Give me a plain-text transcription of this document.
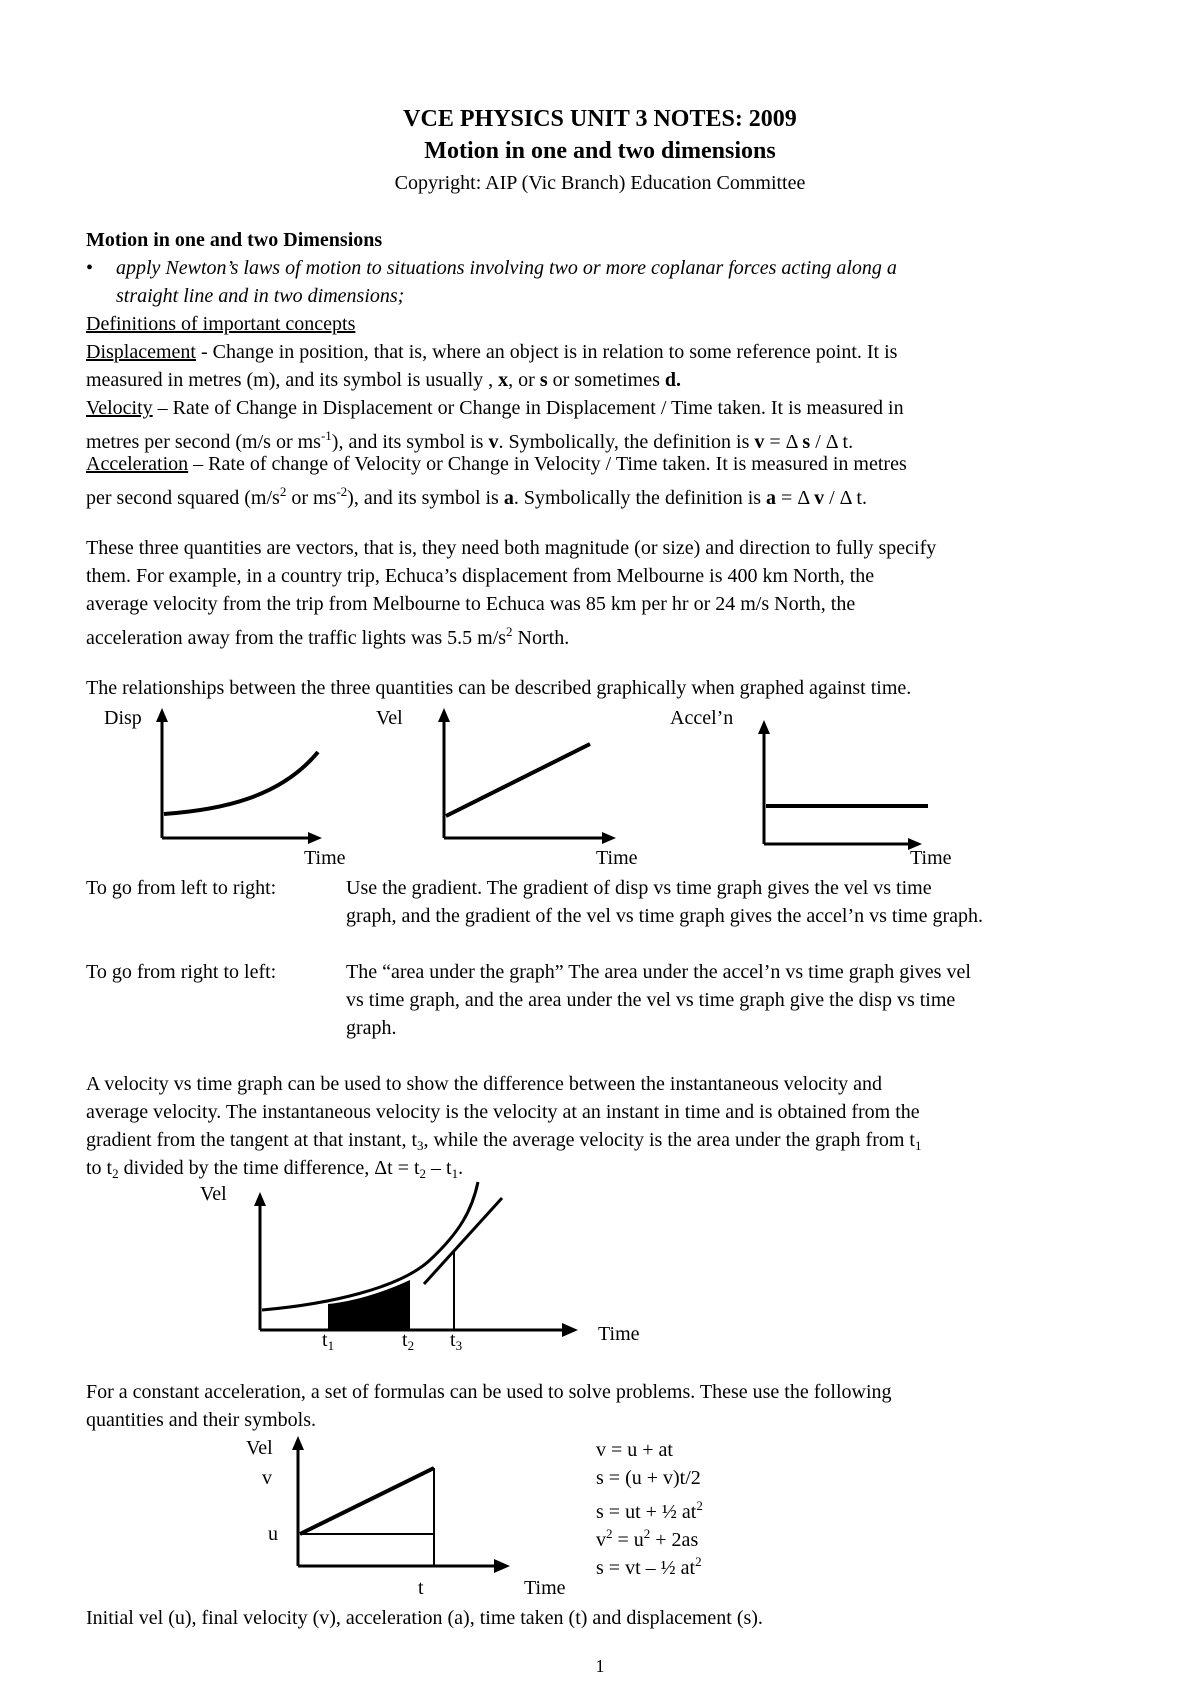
VCE PHYSICS UNIT 3 NOTES: 2009
Motion in one and two dimensions
Copyright: AIP (Vic Branch) Education Committee
Motion in one and two Dimensions
• apply Newton’s laws of motion to situations involving two or more coplanar forces acting along a
straight line and in two dimensions;
Definitions of important concepts
Displacement - Change in position, that is, where an object is in relation to some reference point. It is
measured in metres (m), and its symbol is usually , x, or s or sometimes d.
Velocity – Rate of Change in Displacement or Change in Displacement / Time taken. It is measured in
metres per second (m/s or $ms^{-1}$), and its symbol is v. Symbolically, the definition is v = Δ s / Δ t.
Acceleration – Rate of change of Velocity or Change in Velocity / Time taken. It is measured in metres
per second squared ($m/s^2$ or $ms^{-2}$), and its symbol is a. Symbolically the definition is a = Δ v / Δ t.
These three quantities are vectors, that is, they need both magnitude (or size) and direction to fully specify
them. For example, in a country trip, Echuca’s displacement from Melbourne is 400 km North, the
average velocity from the trip from Melbourne to Echuca was 85 km per hr or 24 m/s North, the
acceleration away from the traffic lights was 5.5 $m/s^2$ North.
The relationships between the three quantities can be described graphically when graphed against time.
Disp	Vel	Accel’n
Time	Time	Time
To go from left to right:	Use the gradient. The gradient of disp vs time graph gives the vel vs time
graph, and the gradient of the vel vs time graph gives the accel’n vs time graph.
To go from right to left:	The “area under the graph” The area under the accel’n vs time graph gives vel
vs time graph, and the area under the vel vs time graph give the disp vs time
graph.
A velocity vs time graph can be used to show the difference between the instantaneous velocity and
average velocity. The instantaneous velocity is the velocity at an instant in time and is obtained from the
gradient from the tangent at that instant, $t_3$, while the average velocity is the area under the graph from $t_1$
to $t_2$ divided by the time difference, $\Delta t = t_2 - t_1$.
Vel
$t_1$	$t_2$ $t_3$
Time
For a constant acceleration, a set of formulas can be used to solve problems. These use the following
quantities and their symbols.
Vel
v
u
t	Time
v = u + at
s = (u + v)t/2
s = ut + ½ $at^2$
$v^2 = u^2 + 2as$
s = vt – ½ $at^2$
Initial vel (u), final velocity (v), acceleration (a), time taken (t) and displacement (s).
1
